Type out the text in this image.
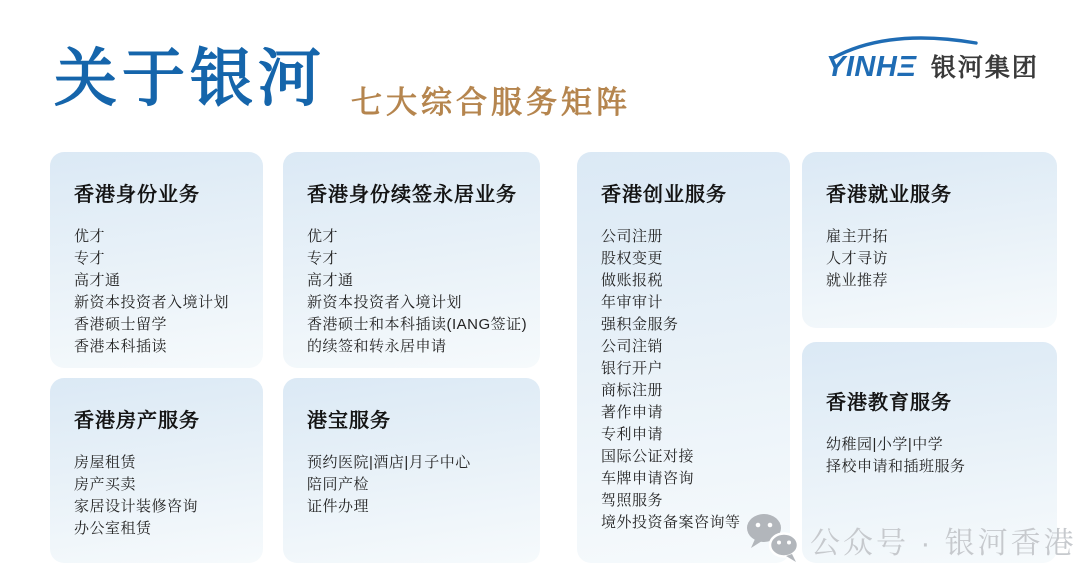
关于银河 七大综合服务矩阵
YINHΞ 银河集团
香港身份业务
优才
专才
高才通
新资本投资者入境计划
香港硕士留学
香港本科插读
香港身份续签永居业务
优才
专才
高才通
新资本投资者入境计划
香港硕士和本科插读(IANG签证)
的续签和转永居申请
香港创业服务
公司注册
股权变更
做账报税
年审审计
强积金服务
公司注销
银行开户
商标注册
著作申请
专利申请
国际公证对接
车牌申请咨询
驾照服务
境外投资备案咨询等
香港就业服务
雇主开拓
人才寻访
就业推荐
香港房产服务
房屋租赁
房产买卖
家居设计装修咨询
办公室租赁
港宝服务
预约医院|酒店|月子中心
陪同产检
证件办理
香港教育服务
幼稚园|小学|中学
择校申请和插班服务
公众号 · 银河香港
